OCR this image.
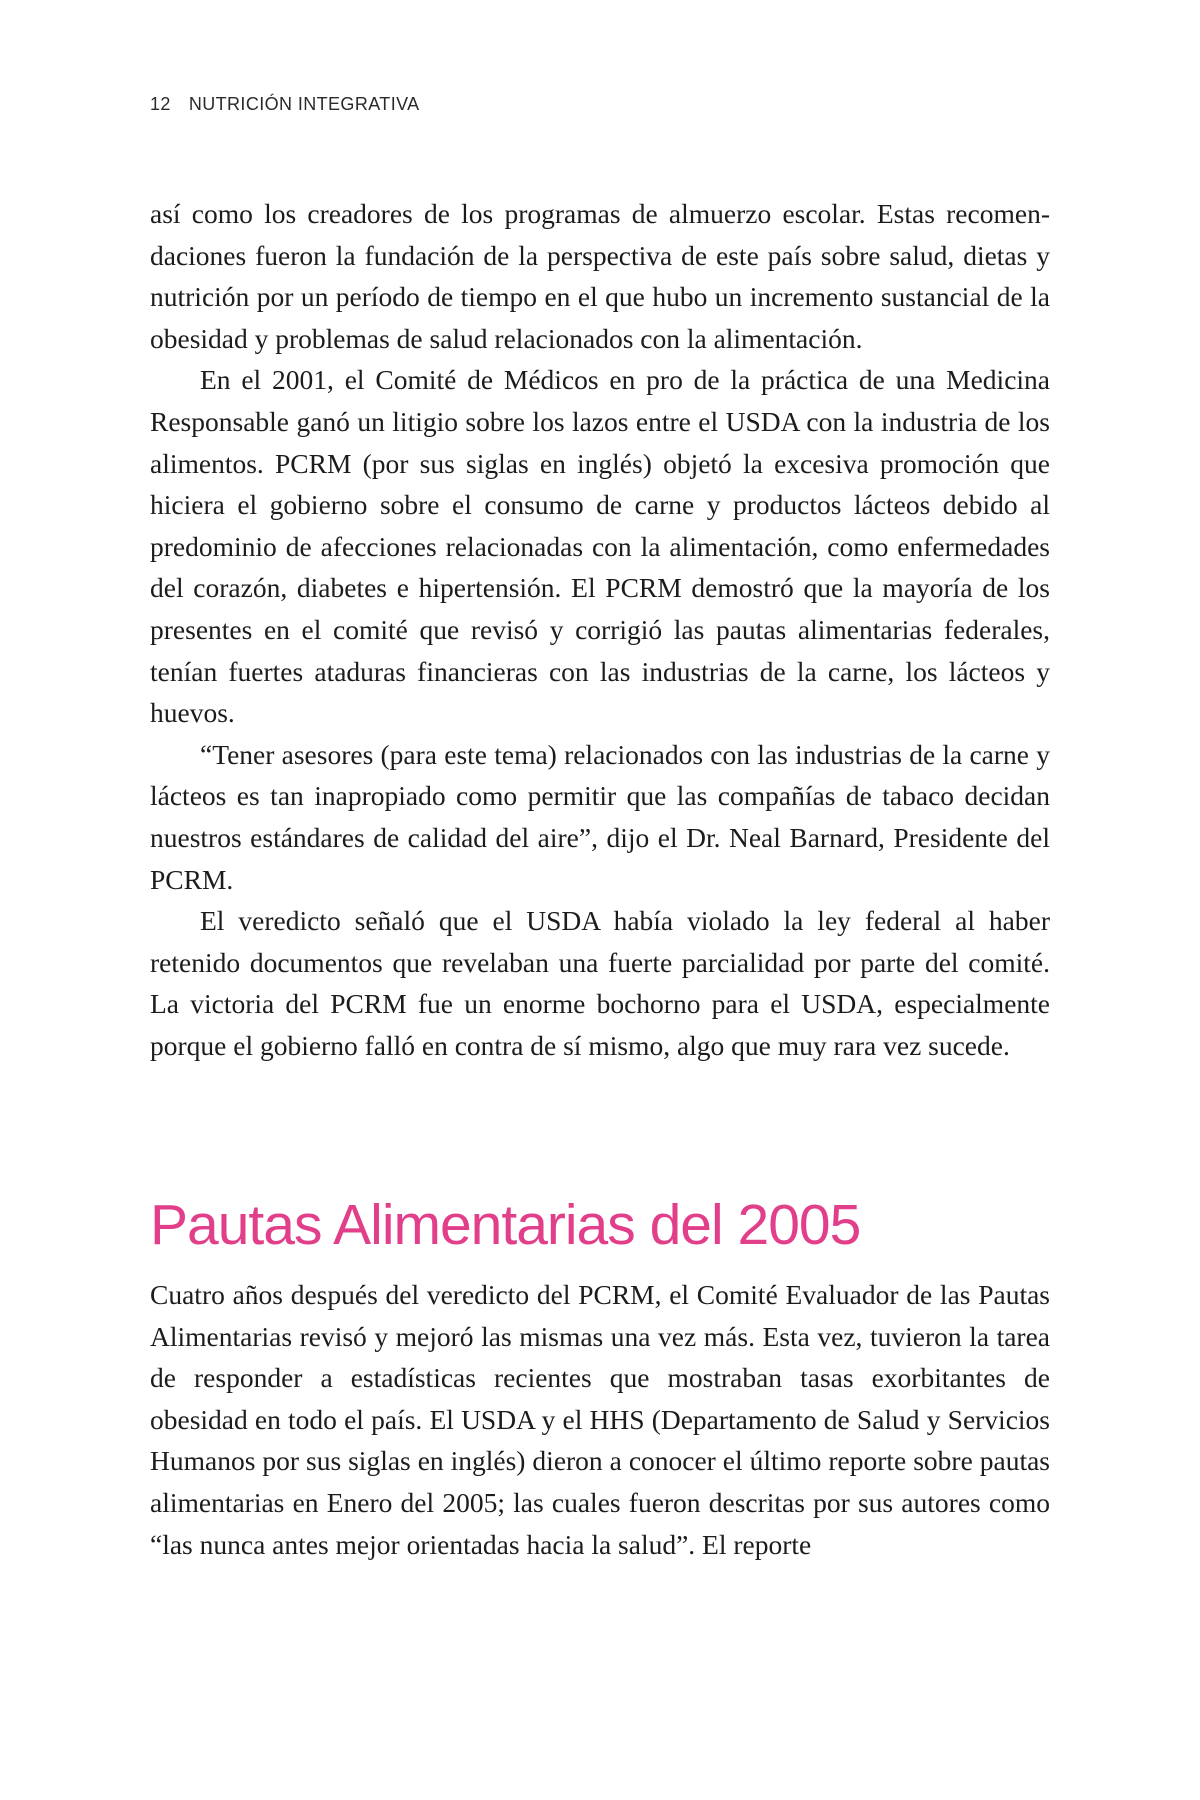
12 NUTRICIÓN INTEGRATIVA

así como los creadores de los programas de almuerzo escolar. Estas recomendaciones fueron la fundación de la perspectiva de este país sobre salud, dietas y nutrición por un período de tiempo en el que hubo un incremento sustancial de la obesidad y problemas de salud relacionados con la alimentación.

En el 2001, el Comité de Médicos en pro de la práctica de una Medicina Responsable ganó un litigio sobre los lazos entre el USDA con la industria de los alimentos. PCRM (por sus siglas en inglés) objetó la excesiva promoción que hiciera el gobierno sobre el consumo de carne y productos lácteos debido al predominio de afecciones relacionadas con la alimentación, como enfermedades del corazón, diabetes e hipertensión. El PCRM demostró que la mayoría de los presentes en el comité que revisó y corrigió las pautas alimentarias federales, tenían fuertes ataduras financieras con las industrias de la carne, los lácteos y huevos.

“Tener asesores (para este tema) relacionados con las industrias de la carne y lácteos es tan inapropiado como permitir que las compañías de tabaco decidan nuestros estándares de calidad del aire”, dijo el Dr. Neal Barnard, Presidente del PCRM.

El veredicto señaló que el USDA había violado la ley federal al haber retenido documentos que revelaban una fuerte parcialidad por parte del comité. La victoria del PCRM fue un enorme bochorno para el USDA, especialmente porque el gobierno falló en contra de sí mismo, algo que muy rara vez sucede.

Pautas Alimentarias del 2005

Cuatro años después del veredicto del PCRM, el Comité Evaluador de las Pautas Alimentarias revisó y mejoró las mismas una vez más. Esta vez, tuvieron la tarea de responder a estadísticas recientes que mostraban tasas exorbitantes de obesidad en todo el país. El USDA y el HHS (Departamento de Salud y Servicios Humanos por sus siglas en inglés) dieron a conocer el último reporte sobre pautas alimentarias en Enero del 2005; las cuales fueron descritas por sus autores como “las nunca antes mejor orientadas hacia la salud”. El reporte
